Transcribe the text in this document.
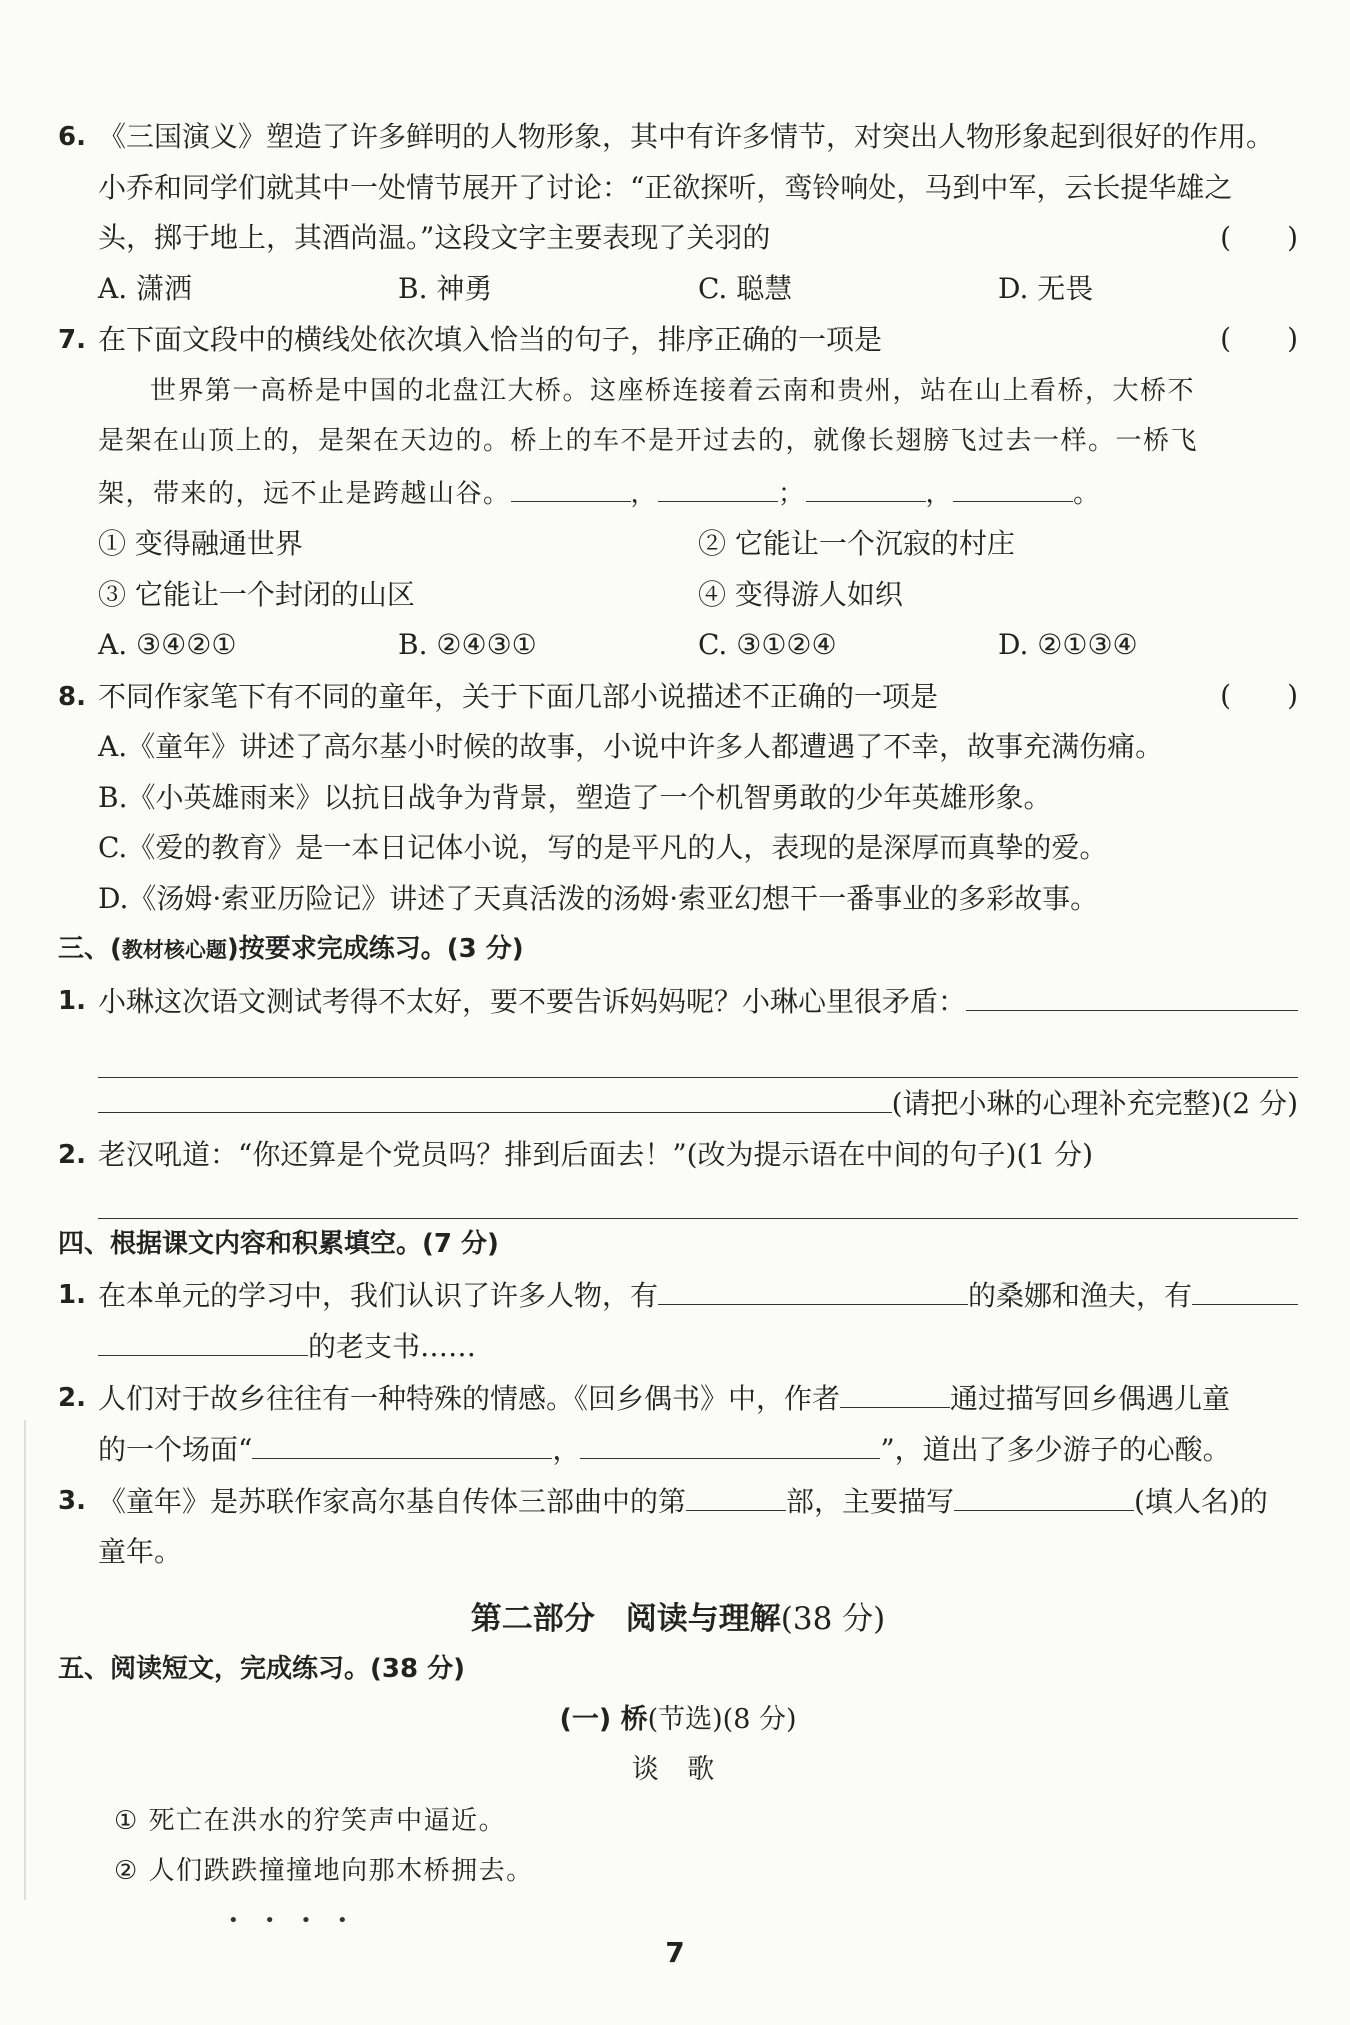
6. 《三国演义》塑造了许多鲜明的人物形象，其中有许多情节，对突出人物形象起到很好的作用。
小乔和同学们就其中一处情节展开了讨论：“正欲探听，鸾铃响处，马到中军，云长提华雄之
头，掷于地上，其酒尚温。”这段文字主要表现了关羽的	(　　)
A. 潇洒	B. 神勇	C. 聪慧	D. 无畏
7. 在下面文段中的横线处依次填入恰当的句子，排序正确的一项是	(　　)
世界第一高桥是中国的北盘江大桥。这座桥连接着云南和贵州，站在山上看桥，大桥不
是架在山顶上的，是架在天边的。桥上的车不是开过去的，就像长翅膀飞过去一样。一桥飞
架，带来的，远不止是跨越山谷。	，	；	，	。
① 变得融通世界	② 它能让一个沉寂的村庄
③ 它能让一个封闭的山区	④ 变得游人如织
A. ③④②①	B. ②④③①	C. ③①②④	D. ②①③④
8. 不同作家笔下有不同的童年，关于下面几部小说描述不正确的一项是	(　　)
A.《童年》讲述了高尔基小时候的故事，小说中许多人都遭遇了不幸，故事充满伤痛。
B.《小英雄雨来》以抗日战争为背景，塑造了一个机智勇敢的少年英雄形象。
C.《爱的教育》是一本日记体小说，写的是平凡的人，表现的是深厚而真挚的爱。
D.《汤姆·索亚历险记》讲述了天真活泼的汤姆·索亚幻想干一番事业的多彩故事。
三、(教材核心题)按要求完成练习。(3 分)
1. 小琳这次语文测试考得不太好，要不要告诉妈妈呢？小琳心里很矛盾：
(请把小琳的心理补充完整)(2 分)
2. 老汉吼道：“你还算是个党员吗？排到后面去！”(改为提示语在中间的句子)(1 分)
四、根据课文内容和积累填空。(7 分)
1. 在本单元的学习中，我们认识了许多人物，有	的桑娜和渔夫，有
的老支书……
2. 人们对于故乡往往有一种特殊的情感。《回乡偶书》中，作者	通过描写回乡偶遇儿童
的一个场面“	，	”，道出了多少游子的心酸。
3. 《童年》是苏联作家高尔基自传体三部曲中的第	部，主要描写	(填人名)的
童年。
第二部分　阅读与理解(38 分)
五、阅读短文，完成练习。(38 分)
(一) 桥(节选)(8 分)
谈 歌
① 死亡在洪水的狞笑声中逼近。
② 人们跌跌撞撞地向那木桥拥去。
• • • •
7
